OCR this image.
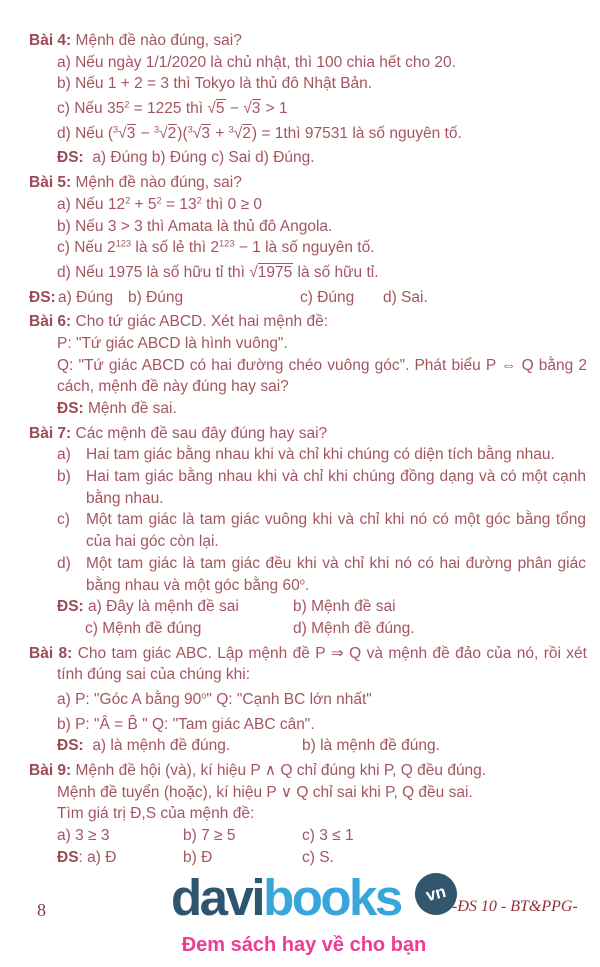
Bài 4: Mệnh đề nào đúng, sai?
a) Nếu ngày 1/1/2020 là chủ nhật, thì 100 chia hết cho 20.
b) Nếu 1 + 2 = 3 thì Tokyo là thủ đô Nhật Bản.
c) Nếu $35^2 = 1225$ thì √5 − √3 > 1
d) Nếu ($^3$√3 − $^3$√2)($^3$√3 + $^3$√2) = 1thì 97531 là số nguyên tố.
ĐS:  a) Đúng b) Đúng c) Sai d) Đúng.
Bài 5: Mệnh đề nào đúng, sai?
a) Nếu $12^2 + 5^2 = 13^2$ thì 0 ≥ 0
b) Nếu 3 > 3 thì Amata là thủ đô Angola.
c) Nếu $2^{123}$ là số lẻ thì $2^{123} - 1$ là số nguyên tố.
d) Nếu 1975 là số hữu tỉ thì √1975 là số hữu tỉ.
ĐS: a) Đúng b) Đúng	c) Đúng	d) Sai.
Bài 6: Cho tứ giác ABCD. Xét hai mệnh đề:
P: "Tứ giác ABCD là hình vuông".
Q: "Tứ giác ABCD có hai đường chéo vuông góc". Phát biểu P ⇔ Q bằng 2 cách, mệnh đề này đúng hay sai?
ĐS: Mệnh đề sai.
Bài 7: Các mệnh đề sau đây đúng hay sai?
a) Hai tam giác bằng nhau khi và chỉ khi chúng có diện tích bằng nhau.
b) Hai tam giác bằng nhau khi và chỉ khi chúng đồng dạng và có một cạnh bằng nhau.
c)	Một tam giác là tam giác vuông khi và chỉ khi nó có một góc bằng tổng của hai góc còn lại.
d) Một tam giác là tam giác đều khi và chỉ khi nó có hai đường phân giác bằng nhau và một góc bằng 60$^o$.
ĐS: a) Đây là mệnh đề sai	b) Mệnh đề sai
c) Mệnh đề đúng	d) Mệnh đề đúng.
Bài 8: Cho tam giác ABC. Lập mệnh đề P ⇒ Q và mệnh đề đảo của nó, rồi xét tính đúng sai của chúng khi:
a) P: "Góc A bằng 90$^o$" Q: "Cạnh BC lớn nhất"
b) P: "Â = B̂ " Q: "Tam giác ABC cân".
ĐS:  a) là mệnh đề đúng.	b) là mệnh đề đúng.
Bài 9: Mệnh đề hội (và), kí hiệu P ∧ Q chỉ đúng khi P, Q đều đúng.
Mệnh đề tuyển (hoặc), kí hiệu P ∨ Q chỉ sai khi P, Q đều sai.
Tìm giá trị Đ,S của mệnh đề:
a) 3 ≥ 3	b) 7 ≥ 5	c) 3 ≤ 1
ĐS: a) Đ	b) Đ	c) S.
8 davibooks	vn
Đem sách hay về cho bạn
-ĐS 10 - BT&PPG-
